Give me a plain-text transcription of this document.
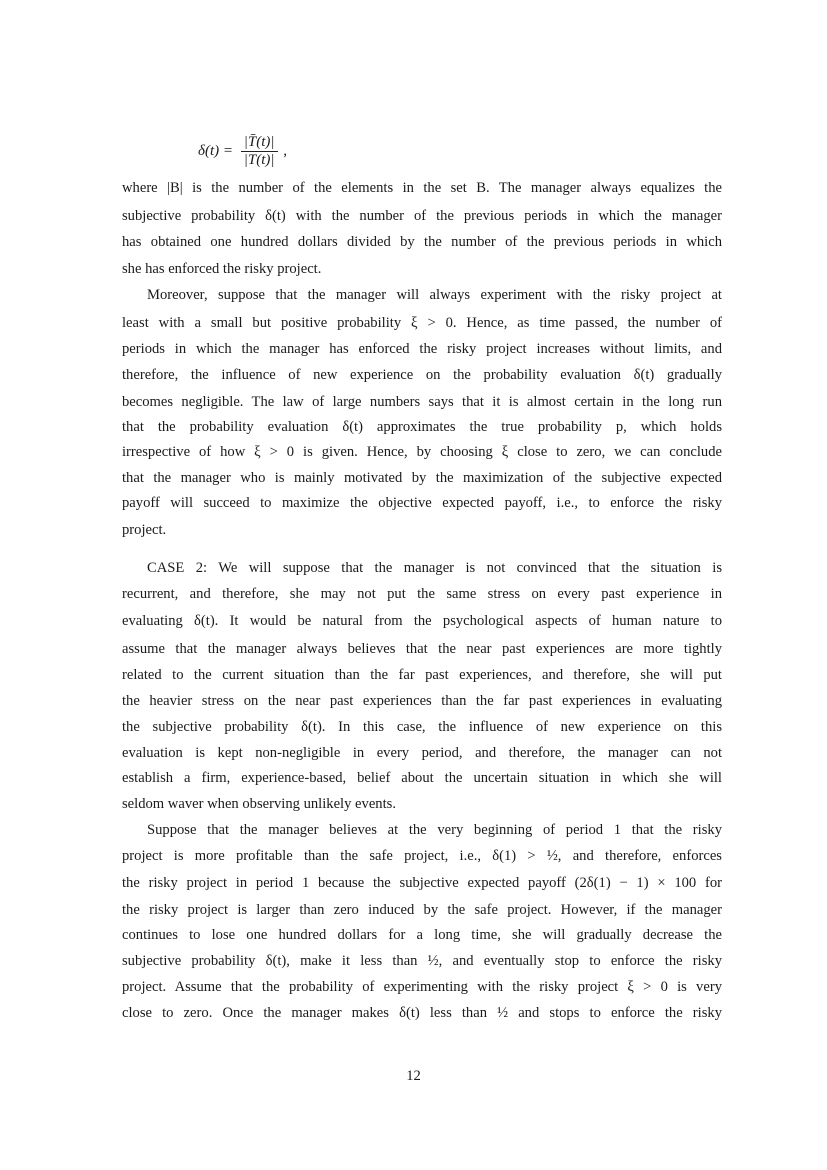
$\delta(t) = \frac{|T̄(t)|}{|T(t)|}$ ,
where |B| is the number of the elements in the set B. The manager always equalizes the
subjective probability δ(t) with the number of the previous periods in which the manager
has obtained one hundred dollars divided by the number of the previous periods in which
she has enforced the risky project.
Moreover, suppose that the manager will always experiment with the risky project at
least with a small but positive probability ξ > 0. Hence, as time passed, the number of
periods in which the manager has enforced the risky project increases without limits, and
therefore, the influence of new experience on the probability evaluation δ(t) gradually
becomes negligible. The law of large numbers says that it is almost certain in the long run
that the probability evaluation δ(t) approximates the true probability p, which holds
irrespective of how ξ > 0 is given. Hence, by choosing ξ close to zero, we can conclude
that the manager who is mainly motivated by the maximization of the subjective expected
payoff will succeed to maximize the objective expected payoff, i.e., to enforce the risky
project.
CASE 2: We will suppose that the manager is not convinced that the situation is
recurrent, and therefore, she may not put the same stress on every past experience in
evaluating δ(t). It would be natural from the psychological aspects of human nature to
assume that the manager always believes that the near past experiences are more tightly
related to the current situation than the far past experiences, and therefore, she will put
the heavier stress on the near past experiences than the far past experiences in evaluating
the subjective probability δ(t). In this case, the influence of new experience on this
evaluation is kept non-negligible in every period, and therefore, the manager can not
establish a firm, experience-based, belief about the uncertain situation in which she will
seldom waver when observing unlikely events.
Suppose that the manager believes at the very beginning of period 1 that the risky
project is more profitable than the safe project, i.e., δ(1) > ½, and therefore, enforces
the risky project in period 1 because the subjective expected payoff (2δ(1) − 1) × 100 for
the risky project is larger than zero induced by the safe project. However, if the manager
continues to lose one hundred dollars for a long time, she will gradually decrease the
subjective probability δ(t), make it less than ½, and eventually stop to enforce the risky
project. Assume that the probability of experimenting with the risky project ξ > 0 is very
close to zero. Once the manager makes δ(t) less than ½ and stops to enforce the risky
12
